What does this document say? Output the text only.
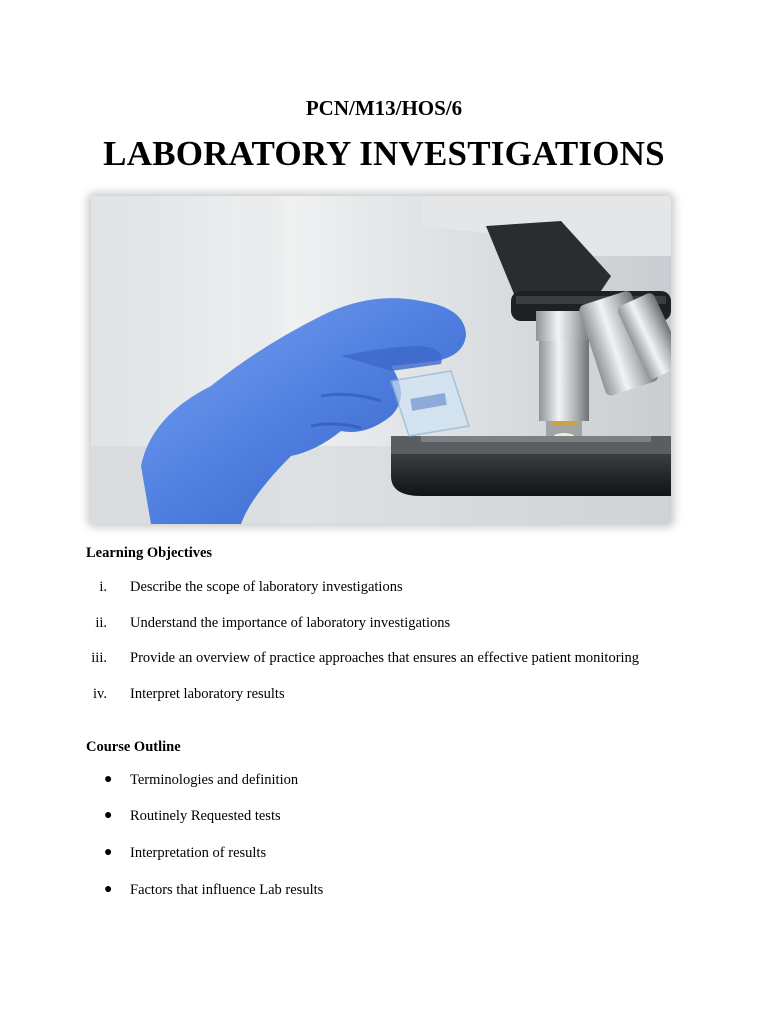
PCN/M13/HOS/6
LABORATORY INVESTIGATIONS
Learning Objectives
i. Describe the scope of laboratory investigations
ii. Understand the importance of laboratory investigations
iii. Provide an overview of practice approaches that ensures an effective patient monitoring
iv. Interpret laboratory results
Course Outline
● Terminologies and definition
● Routinely Requested tests
● Interpretation of results
● Factors that influence Lab results
